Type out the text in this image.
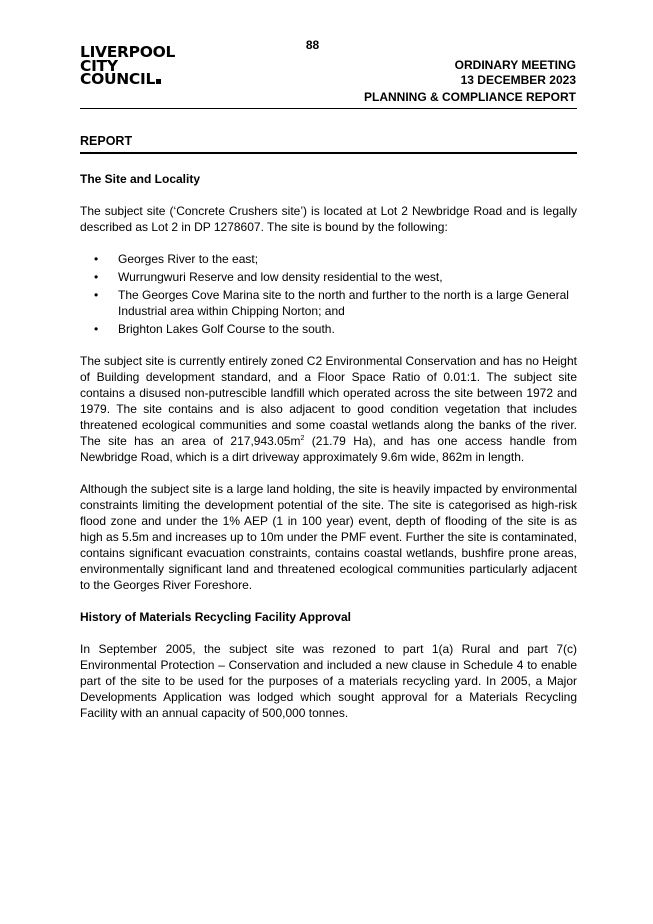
88
LIVERPOOL
CITY
COUNCIL
ORDINARY MEETING
13 DECEMBER 2023
PLANNING & COMPLIANCE REPORT
REPORT
The Site and Locality

The subject site (‘Concrete Crushers site’) is located at Lot 2 Newbridge Road and is legally described as Lot 2 in DP 1278607. The site is bound by the following:

• Georges River to the east;
• Wurrungwuri Reserve and low density residential to the west,
• The Georges Cove Marina site to the north and further to the north is a large General Industrial area within Chipping Norton; and
• Brighton Lakes Golf Course to the south.

The subject site is currently entirely zoned C2 Environmental Conservation and has no Height of Building development standard, and a Floor Space Ratio of 0.01:1. The subject site contains a disused non-putrescible landfill which operated across the site between 1972 and 1979. The site contains and is also adjacent to good condition vegetation that includes threatened ecological communities and some coastal wetlands along the banks of the river. The site has an area of $217,943.05m^2$ (21.79 Ha), and has one access handle from Newbridge Road, which is a dirt driveway approximately 9.6m wide, 862m in length.

Although the subject site is a large land holding, the site is heavily impacted by environmental constraints limiting the development potential of the site. The site is categorised as high-risk flood zone and under the 1% AEP (1 in 100 year) event, depth of flooding of the site is as high as 5.5m and increases up to 10m under the PMF event. Further the site is contaminated, contains significant evacuation constraints, contains coastal wetlands, bushfire prone areas, environmentally significant land and threatened ecological communities particularly adjacent to the Georges River Foreshore.

History of Materials Recycling Facility Approval

In September 2005, the subject site was rezoned to part 1(a) Rural and part 7(c) Environmental Protection – Conservation and included a new clause in Schedule 4 to enable part of the site to be used for the purposes of a materials recycling yard. In 2005, a Major Developments Application was lodged which sought approval for a Materials Recycling Facility with an annual capacity of 500,000 tonnes.
